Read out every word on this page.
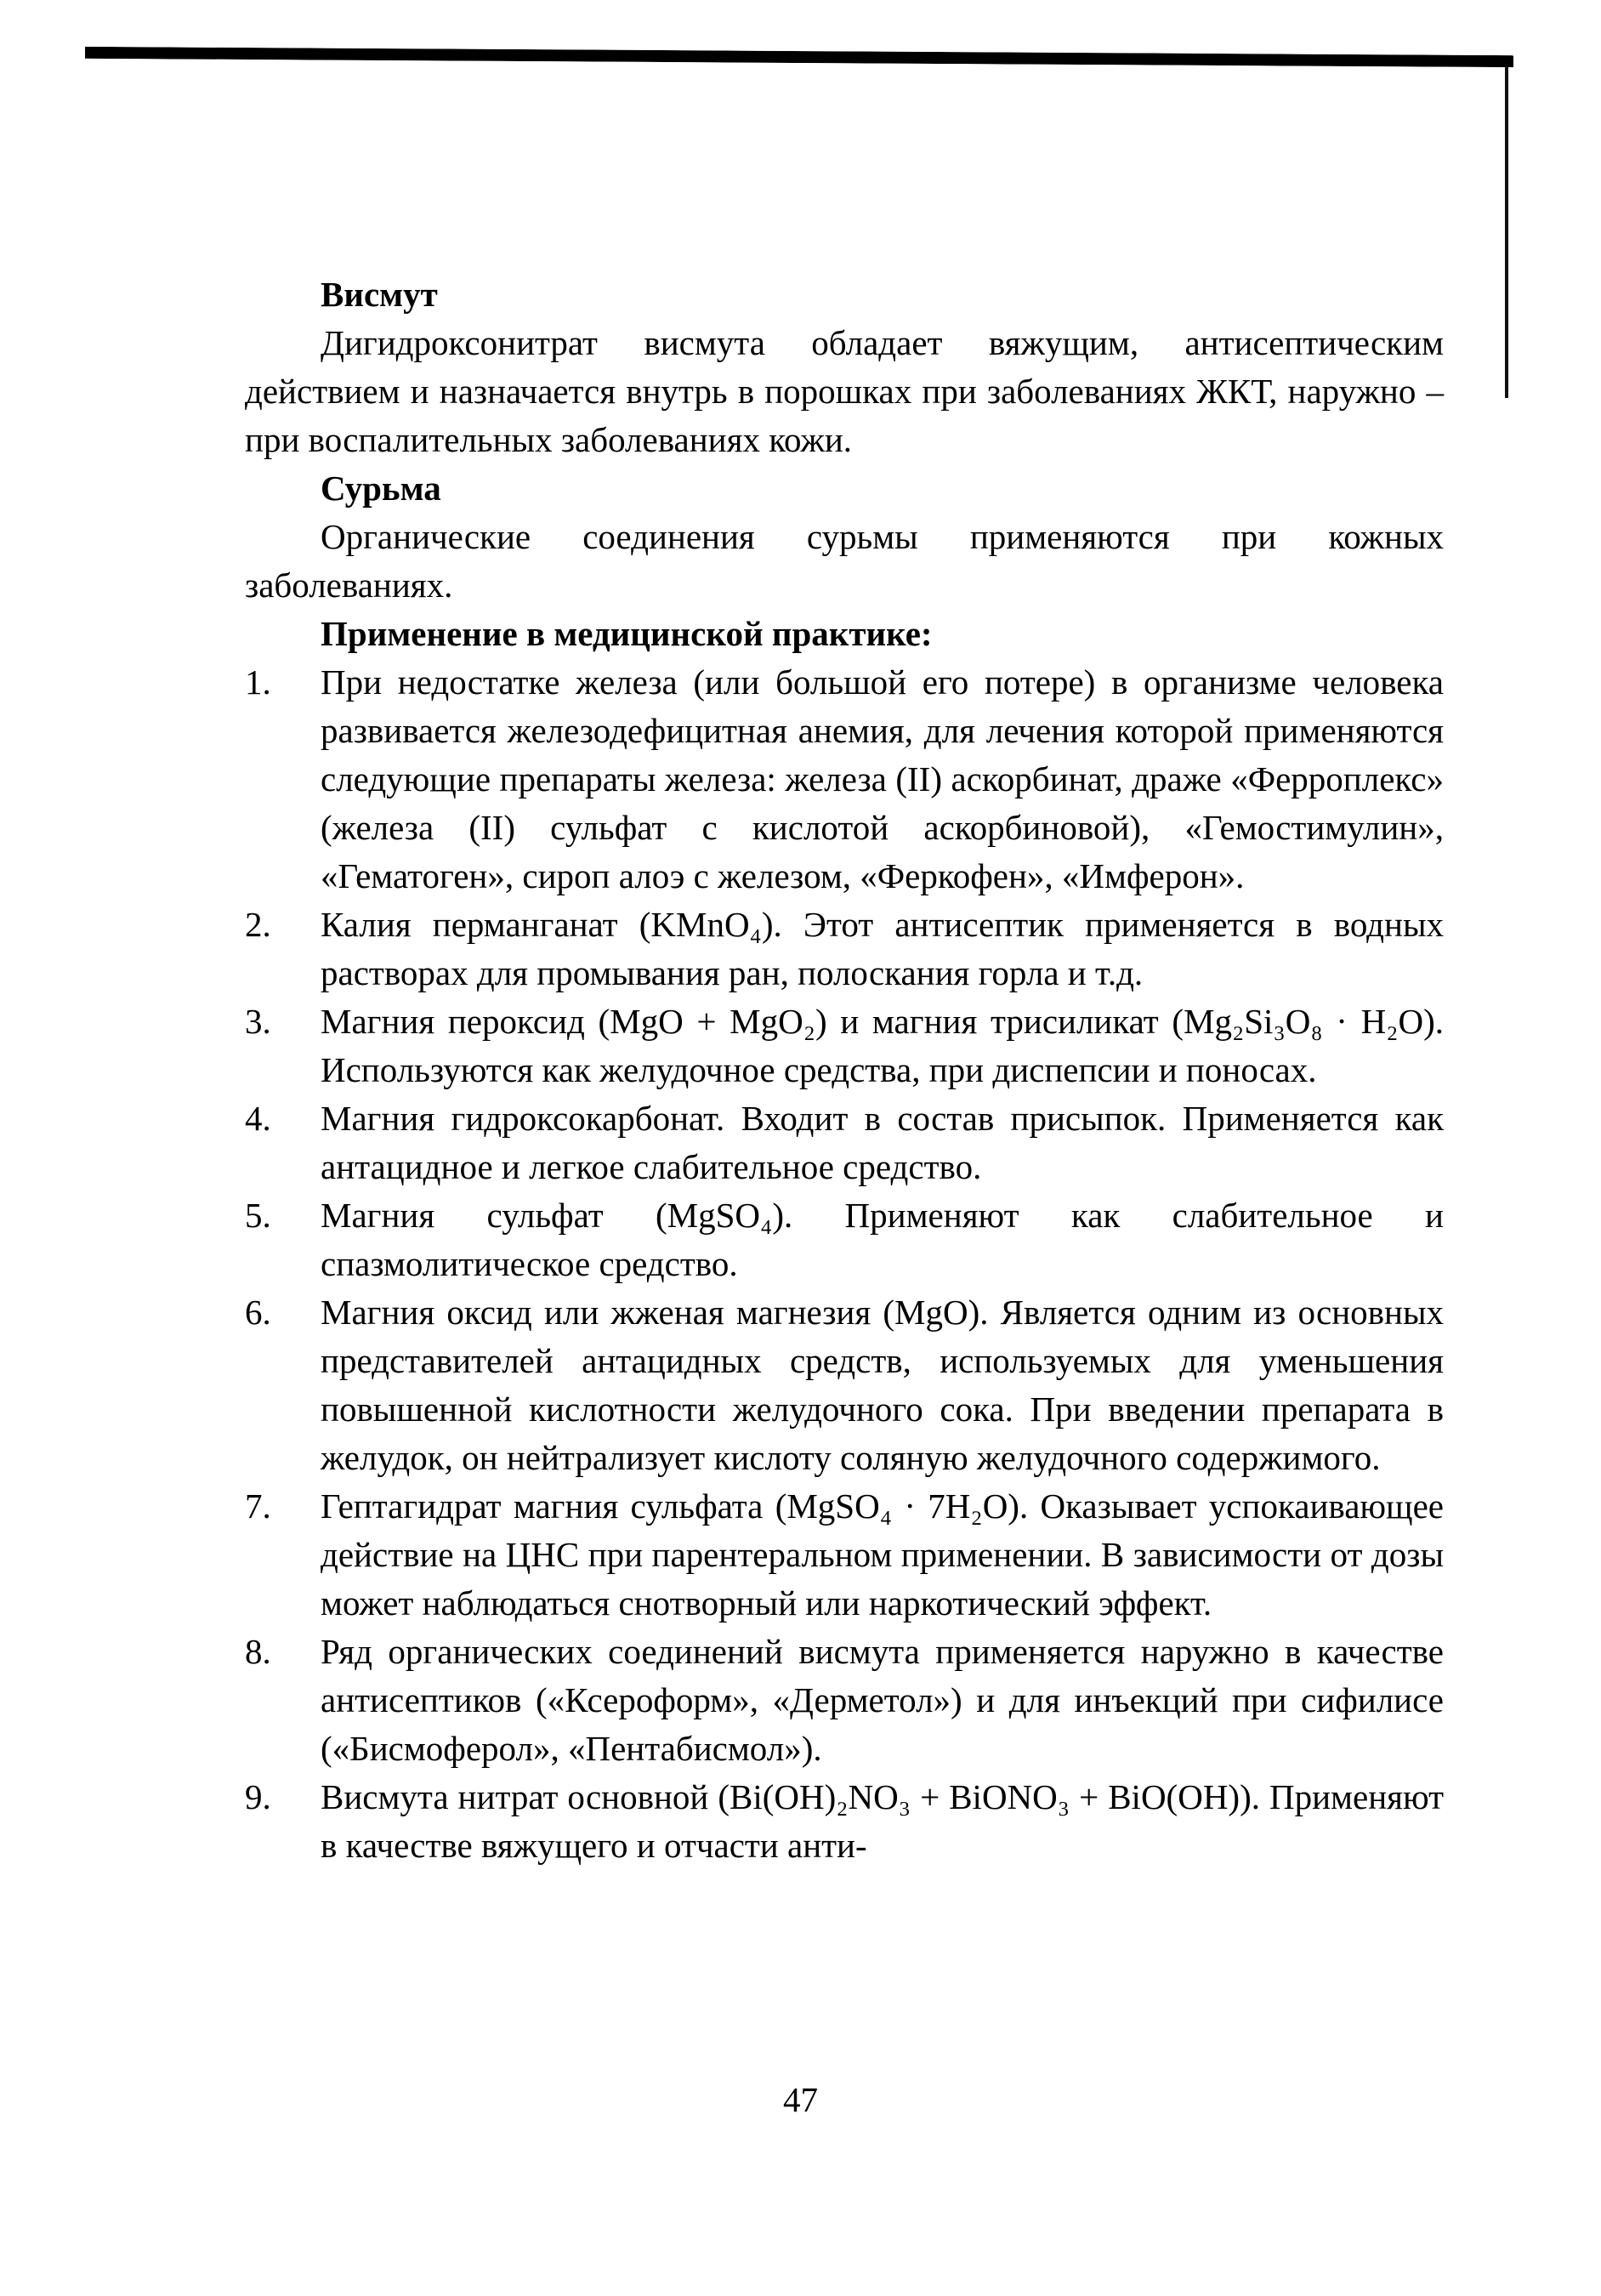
Висмут

Дигидроксонитрат висмута обладает вяжущим, антисептическим действием и назначается внутрь в порошках при заболеваниях ЖКТ, наружно – при воспалительных заболеваниях кожи.

Сурьма

Органические соединения сурьмы применяются при кожных заболеваниях.

Применение в медицинской практике:
1.	При недостатке железа (или большой его потере) в организме человека развивается железодефицитная анемия, для лечения которой применяются следующие препараты железа: железа (II) аскорбинат, драже «Ферроплекс» (железа (II) сульфат с кислотой аскорбиновой), «Гемостимулин», «Гематоген», сироп алоэ с железом, «Феркофен», «Имферон».
2.	Калия перманганат (KMnO₄). Этот антисептик применяется в водных растворах для промывания ран, полоскания горла и т.д.
3.	Магния пероксид (MgO + MgO₂) и магния трисиликат (Mg₂Si₃O₈ · H₂O). Используются как желудочное средства, при диспепсии и поносах.
4.	Магния гидроксокарбонат. Входит в состав присыпок. Применяется как антацидное и легкое слабительное средство.
5.	Магния сульфат (MgSO₄). Применяют как слабительное и спазмолитическое средство.
6.	Магния оксид или жженая магнезия (MgO). Является одним из основных представителей антацидных средств, используемых для уменьшения повышенной кислотности желудочного сока. При введении препарата в желудок, он нейтрализует кислоту соляную желудочного содержимого.
7.	Гептагидрат магния сульфата (MgSO₄ · 7H₂O). Оказывает успокаивающее действие на ЦНС при парентеральном применении. В зависимости от дозы может наблюдаться снотворный или наркотический эффект.
8.	Ряд органических соединений висмута применяется наружно в качестве антисептиков («Ксероформ», «Дерметол») и для инъекций при сифилисе («Бисмоферол», «Пентабисмол»).
9.	Висмута нитрат основной (Bi(OH)₂NO₃ + BiONO₃ + BiO(OH)). Применяют в качестве вяжущего и отчасти анти-
47
